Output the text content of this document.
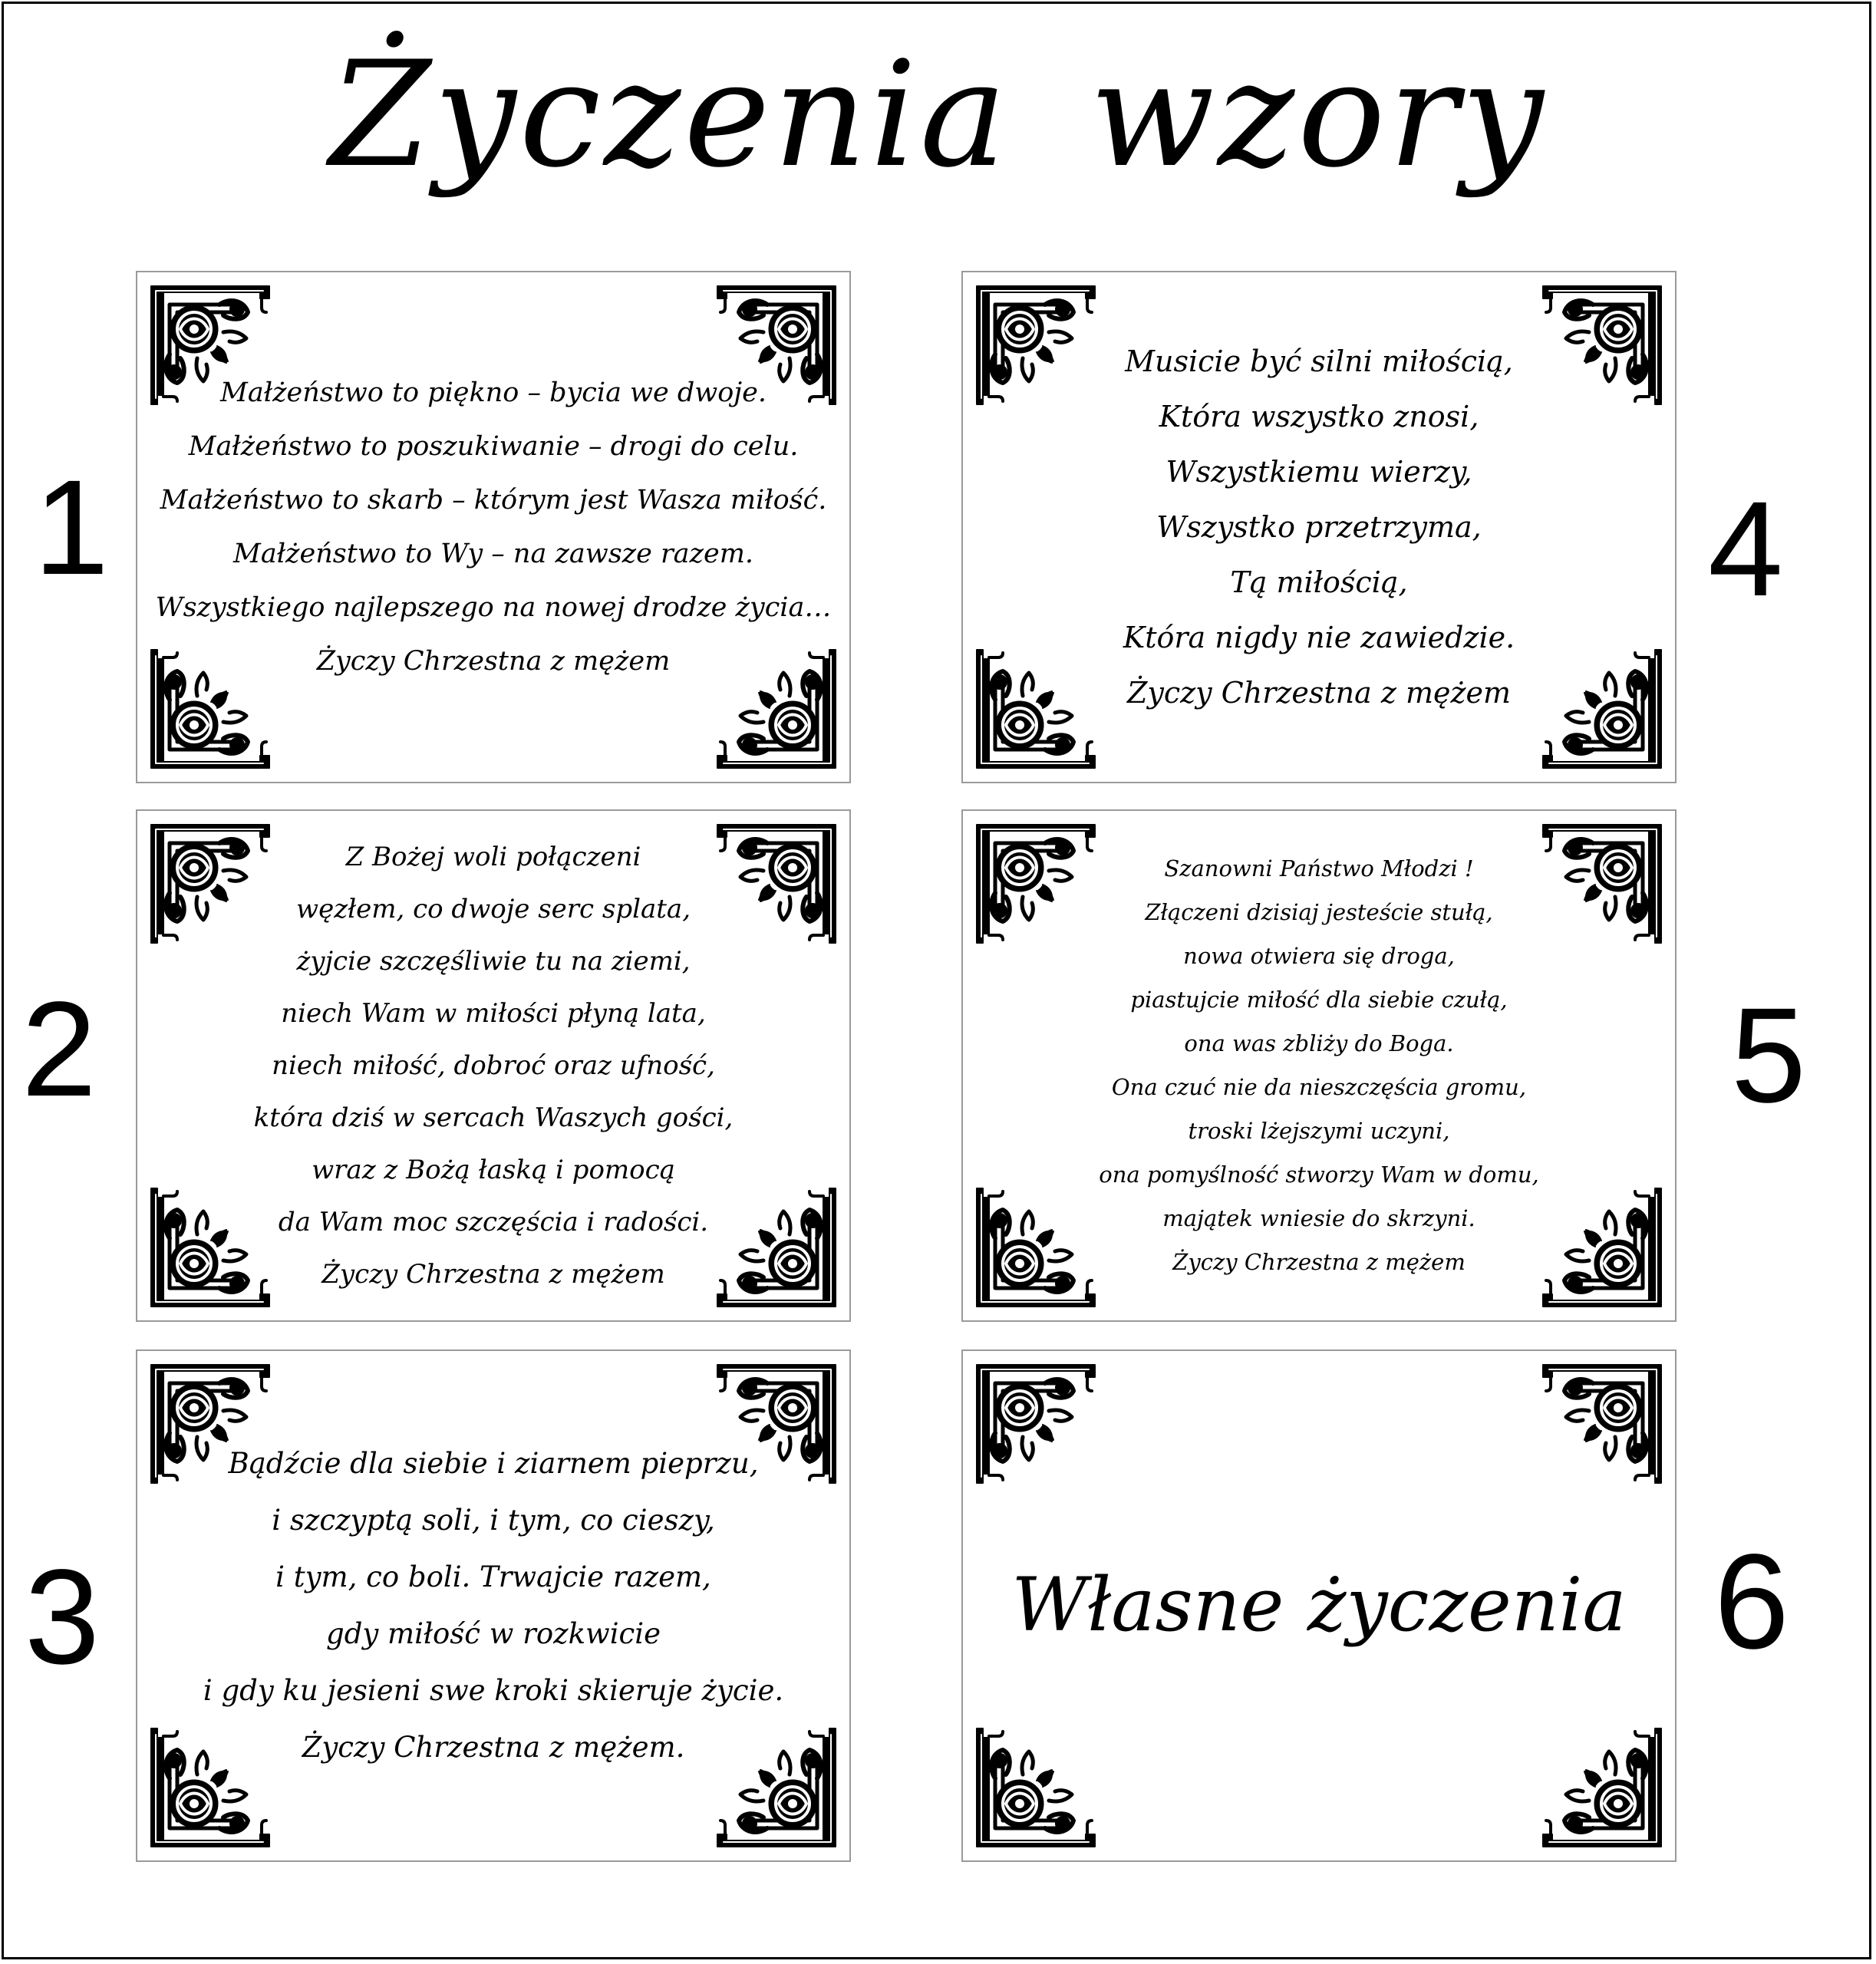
Życzenia wzory
Małżeństwo to piękno – bycia we dwoje.
Małżeństwo to poszukiwanie – drogi do celu.
Małżeństwo to skarb – którym jest Wasza miłość.
Małżeństwo to Wy – na zawsze razem.
Wszystkiego najlepszego na nowej drodze życia…
Życzy Chrzestna z mężem
Z Bożej woli połączeni
węzłem, co dwoje serc splata,
żyjcie szczęśliwie tu na ziemi,
niech Wam w miłości płyną lata,
niech miłość, dobroć oraz ufność,
która dziś w sercach Waszych gości,
wraz z Bożą łaską i pomocą
da Wam moc szczęścia i radości.
Życzy Chrzestna z mężem
Bądźcie dla siebie i ziarnem pieprzu,
i szczyptą soli, i tym, co cieszy,
i tym, co boli. Trwajcie razem,
gdy miłość w rozkwicie
i gdy ku jesieni swe kroki skieruje życie.
Życzy Chrzestna z mężem.
Musicie być silni miłością,
Która wszystko znosi,
Wszystkiemu wierzy,
Wszystko przetrzyma,
Tą miłością,
Która nigdy nie zawiedzie.
Życzy Chrzestna z mężem
Szanowni Państwo Młodzi !
Złączeni dzisiaj jesteście stułą,
nowa otwiera się droga,
piastujcie miłość dla siebie czułą,
ona was zbliży do Boga.
Ona czuć nie da nieszczęścia gromu,
troski lżejszymi uczyni,
ona pomyślność stworzy Wam w domu,
majątek wniesie do skrzyni.
Życzy Chrzestna z mężem
Własne życzenia
1
2
3
4
5
6
